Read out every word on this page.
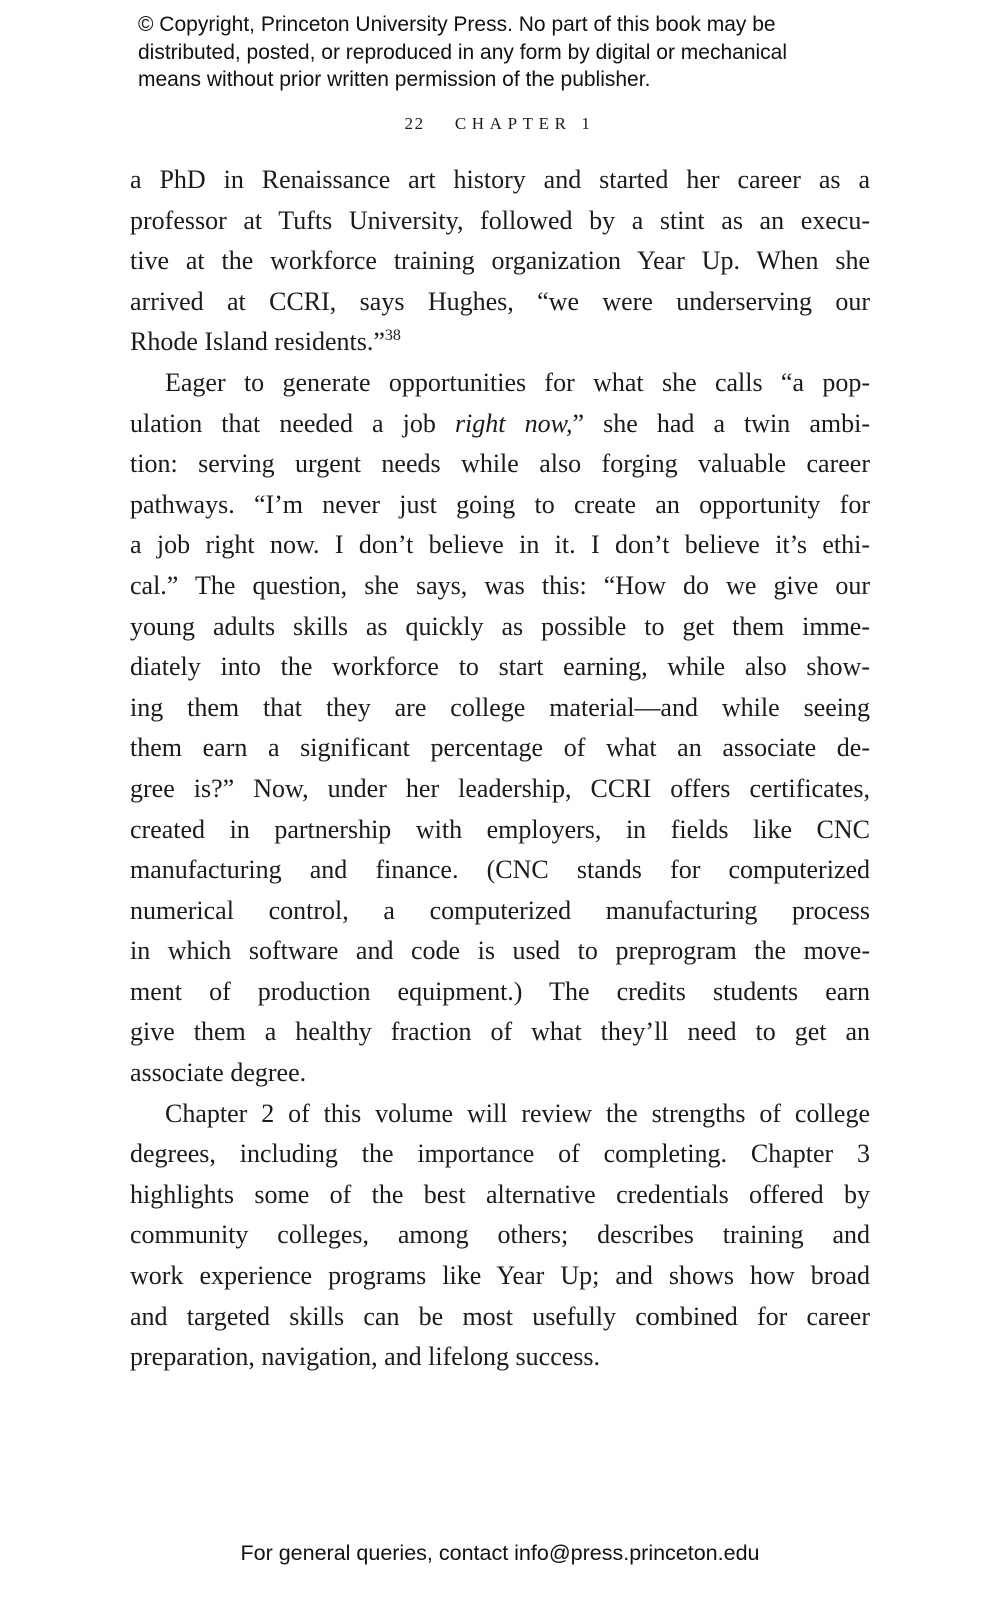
© Copyright, Princeton University Press. No part of this book may be
distributed, posted, or reproduced in any form by digital or mechanical
means without prior written permission of the publisher.
22 CHAPTER 1
a PhD in Renaissance art history and started her career as a
professor at Tufts University, followed by a stint as an execu-
tive at the workforce training organization Year Up. When she
arrived at CCRI, says Hughes, “we were underserving our
Rhode Island residents.”$^{38}$
Eager to generate opportunities for what she calls “a pop-
ulation that needed a job right now,” she had a twin ambi-
tion: serving urgent needs while also forging valuable career
pathways. “I’m never just going to create an opportunity for
a job right now. I don’t believe in it. I don’t believe it’s ethi-
cal.” The question, she says, was this: “How do we give our
young adults skills as quickly as possible to get them imme-
diately into the workforce to start earning, while also show-
ing them that they are college material—and while seeing
them earn a significant percentage of what an associate de-
gree is?” Now, under her leadership, CCRI offers certificates,
created in partnership with employers, in fields like CNC
manufacturing and finance. (CNC stands for computerized
numerical control, a computerized manufacturing process
in which software and code is used to preprogram the move-
ment of production equipment.) The credits students earn
give them a healthy fraction of what they’ll need to get an
associate degree.
Chapter 2 of this volume will review the strengths of college
degrees, including the importance of completing. Chapter 3
highlights some of the best alternative credentials offered by
community colleges, among others; describes training and
work experience programs like Year Up; and shows how broad
and targeted skills can be most usefully combined for career
preparation, navigation, and lifelong success.
For general queries, contact info@press.princeton.edu
